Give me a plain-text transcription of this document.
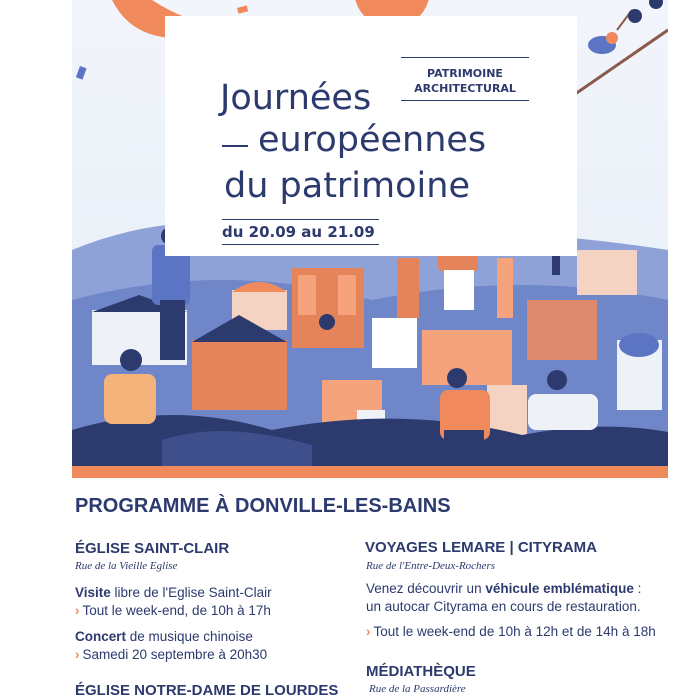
PATRIMOINE
ARCHITECTURAL
Journées
européennes
du patrimoine
du 20.09 au 21.09
PROGRAMME À DONVILLE-LES-BAINS
ÉGLISE SAINT-CLAIR
Rue de la Vieille Eglise
Visite libre de l'Eglise Saint-Clair
› Tout le week-end, de 10h à 17h
Concert de musique chinoise
› Samedi 20 septembre à 20h30
ÉGLISE NOTRE-DAME DE LOURDES
VOYAGES LEMARE | CITYRAMA
Rue de l'Entre-Deux-Rochers
Venez découvrir un véhicule emblématique :
un autocar Cityrama en cours de restauration.
› Tout le week-end de 10h à 12h et de 14h à 18h
MÉDIATHÈQUE
Rue de la Passardière
